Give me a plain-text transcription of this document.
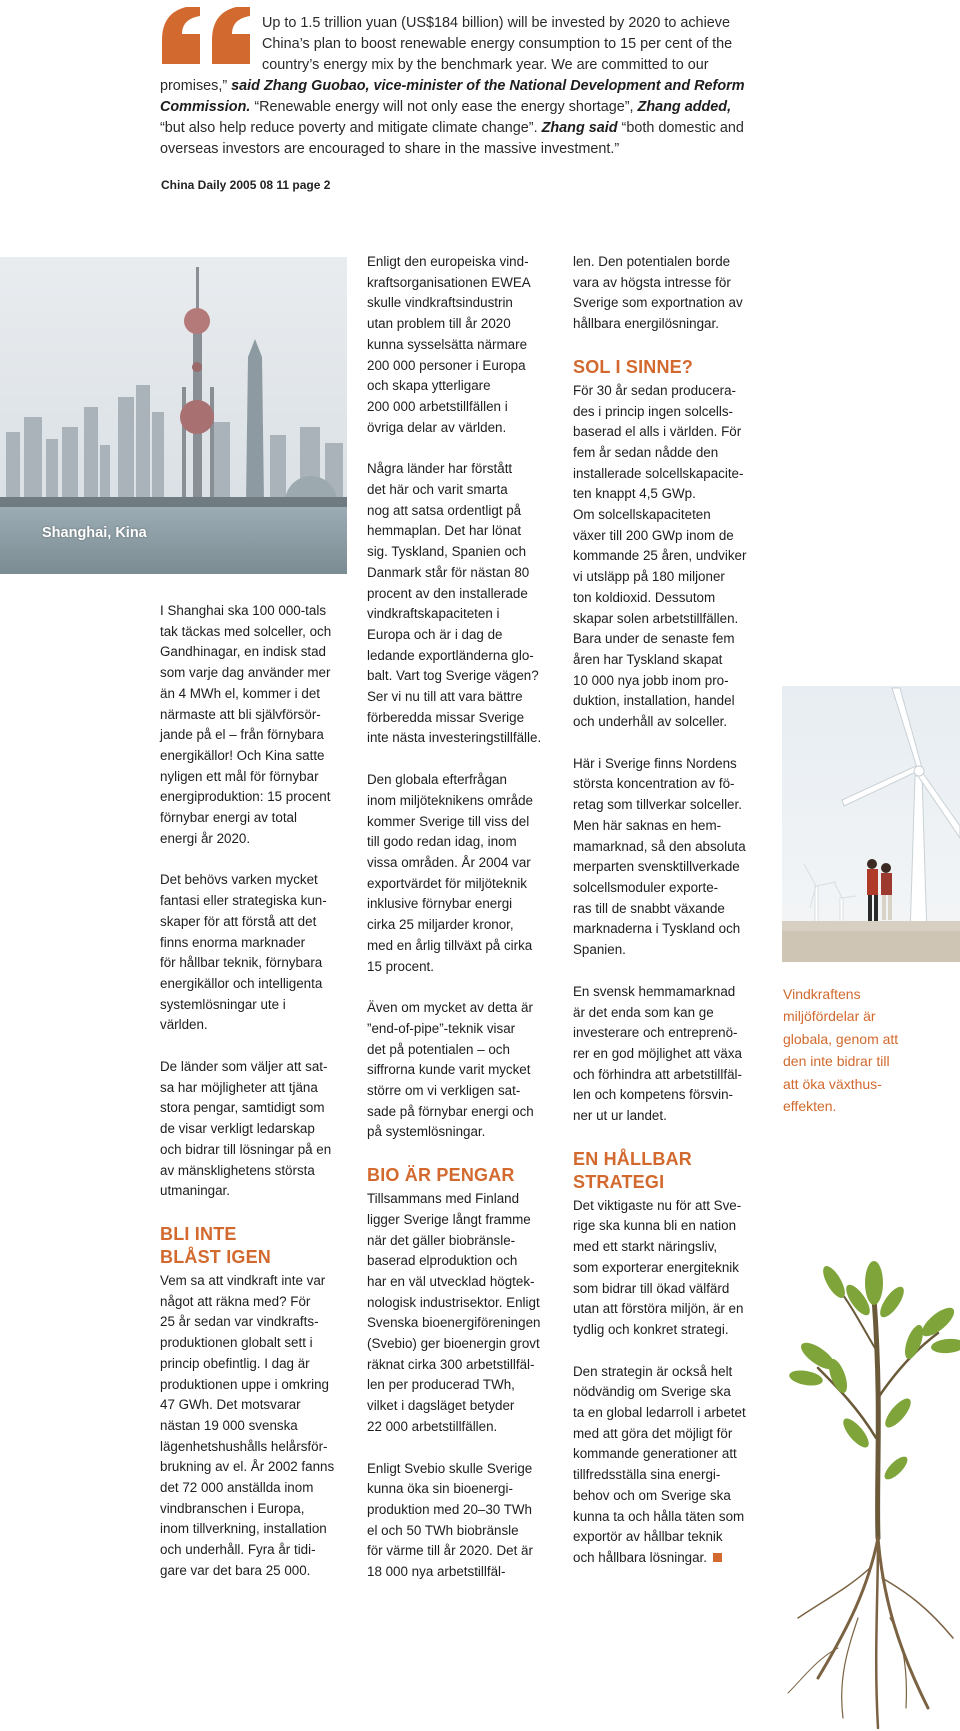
Up to 1.5 trillion yuan (US$184 billion) will be invested by 2020 to achieve China’s plan to boost renewable energy consumption to 15 per cent of the country’s energy mix by the benchmark year. We are committed to our promises,” said Zhang Guobao, vice-minister of the National Development and Reform Commission. “Renewable energy will not only ease the energy shortage”, Zhang added, “but also help reduce poverty and mitigate climate change”. Zhang said “both domestic and overseas investors are encouraged to share in the massive investment.”
China Daily 2005 08 11 page 2
Shanghai, Kina
Vindkraftens
miljöfördelar är
globala, genom att
den inte bidrar till
att öka växthus-
effekten.

I Shanghai ska 100 000-tals
tak täckas med solceller, och
Gandhinagar, en indisk stad
som varje dag använder mer
än 4 MWh el, kommer i det
närmaste att bli självförsör-
jande på el – från förnybara
energikällor! Och Kina satte
nyligen ett mål för förnybar
energiproduktion: 15 procent
förnybar energi av total
energi år 2020.

Det behövs varken mycket
fantasi eller strategiska kun-
skaper för att förstå att det
finns enorma marknader
för hållbar teknik, förnybara
energikällor och intelligenta
systemlösningar ute i
världen.

De länder som väljer att sat-
sa har möjligheter att tjäna
stora pengar, samtidigt som
de visar verkligt ledarskap
och bidrar till lösningar på en
av mänsklighetens största
utmaningar.

BLI INTE
BLÅST IGEN

Vem sa att vindkraft inte var
något att räkna med? För
25 år sedan var vindkrafts-
produktionen globalt sett i
princip obefintlig. I dag är
produktionen uppe i omkring
47 GWh. Det motsvarar
nästan 19 000 svenska
lägenhetshushålls helårsför-
brukning av el. År 2002 fanns
det 72 000 anställda inom
vindbranschen i Europa,
inom tillverkning, installation
och underhåll. Fyra år tidi-
gare var det bara 25 000.

Enligt den europeiska vind-
kraftsorganisationen EWEA
skulle vindkraftsindustrin
utan problem till år 2020
kunna sysselsätta närmare
200 000 personer i Europa
och skapa ytterligare
200 000 arbetstillfällen i
övriga delar av världen.

Några länder har förstått
det här och varit smarta
nog att satsa ordentligt på
hemmaplan. Det har lönat
sig. Tyskland, Spanien och
Danmark står för nästan 80
procent av den installerade
vindkraftskapaciteten i
Europa och är i dag de
ledande exportländerna glo-
balt. Vart tog Sverige vägen?
Ser vi nu till att vara bättre
förberedda missar Sverige
inte nästa investeringstillfälle.

Den globala efterfrågan
inom miljöteknikens område
kommer Sverige till viss del
till godo redan idag, inom
vissa områden. År 2004 var
exportvärdet för miljöteknik
inklusive förnybar energi
cirka 25 miljarder kronor,
med en årlig tillväxt på cirka
15 procent.

Även om mycket av detta är
”end-of-pipe”-teknik visar
det på potentialen – och
siffrorna kunde varit mycket
större om vi verkligen sat-
sade på förnybar energi och
på systemlösningar.

BIO ÄR PENGAR

Tillsammans med Finland
ligger Sverige långt framme
när det gäller biobränsle-
baserad elproduktion och
har en väl utvecklad högtek-
nologisk industrisektor. Enligt
Svenska bioenergiföreningen
(Svebio) ger bioenergin grovt
räknat cirka 300 arbetstillfäl-
len per producerad TWh,
vilket i dagsläget betyder
22 000 arbetstillfällen.

Enligt Svebio skulle Sverige
kunna öka sin bioenergi-
produktion med 20–30 TWh
el och 50 TWh biobränsle
för värme till år 2020. Det är
18 000 nya arbetstillfäl-

len. Den potentialen borde
vara av högsta intresse för
Sverige som exportnation av
hållbara energilösningar.

SOL I SINNE?

För 30 år sedan producera-
des i princip ingen solcells-
baserad el alls i världen. För
fem år sedan nådde den
installerade solcellskapacite-
ten knappt 4,5 GWp.
Om solcellskapaciteten
växer till 200 GWp inom de
kommande 25 åren, undviker
vi utsläpp på 180 miljoner
ton koldioxid. Dessutom
skapar solen arbetstillfällen.
Bara under de senaste fem
åren har Tyskland skapat
10 000 nya jobb inom pro-
duktion, installation, handel
och underhåll av solceller.

Här i Sverige finns Nordens
största koncentration av fö-
retag som tillverkar solceller.
Men här saknas en hem-
mamarknad, så den absoluta
merparten svensktillverkade
solcellsmoduler exporte-
ras till de snabbt växande
marknaderna i Tyskland och
Spanien.

En svensk hemmamarknad
är det enda som kan ge
investerare och entreprenö-
rer en god möjlighet att växa
och förhindra att arbetstillfäl-
len och kompetens försvin-
ner ut ur landet.

EN HÅLLBAR
STRATEGI

Det viktigaste nu för att Sve-
rige ska kunna bli en nation
med ett starkt näringsliv,
som exporterar energiteknik
som bidrar till ökad välfärd
utan att förstöra miljön, är en
tydlig och konkret strategi.

Den strategin är också helt
nödvändig om Sverige ska
ta en global ledarroll i arbetet
med att göra det möjligt för
kommande generationer att
tillfredsställa sina energi-
behov och om Sverige ska
kunna ta och hålla täten som
exportör av hållbar teknik
och hållbara lösningar.
